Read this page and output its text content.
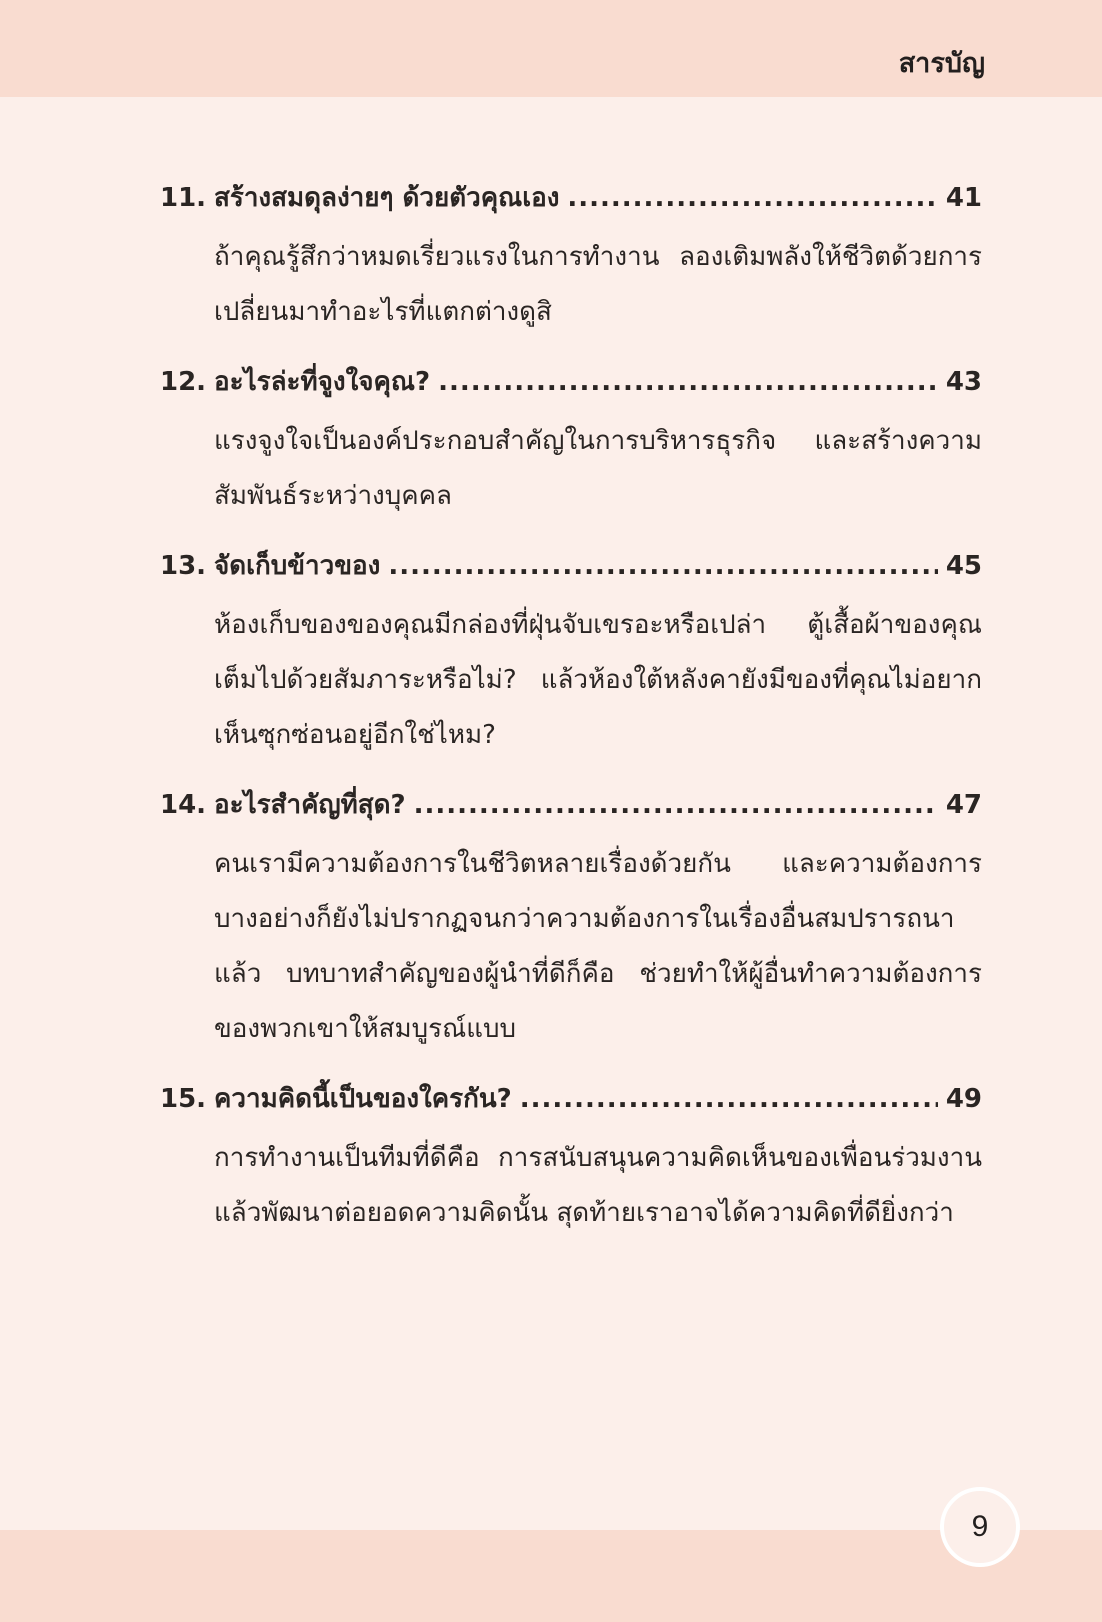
สารบัญ
11. สร้างสมดุลง่ายๆ ด้วยตัวคุณเอง .....	41

ถ้าคุณรู้สึกว่าหมดเรี่ยวแรงในการทำงาน ลองเติมพลังให้ชีวิตด้วยการเปลี่ยนมาทำอะไรที่แตกต่างดูสิ

12. อะไรล่ะที่จูงใจคุณ? .....	43

แรงจูงใจเป็นองค์ประกอบสำคัญในการบริหารธุรกิจ และสร้างความสัมพันธ์ระหว่างบุคคล

13. จัดเก็บข้าวของ .....	45

ห้องเก็บของของคุณมีกล่องที่ฝุ่นจับเขรอะหรือเปล่า ตู้เสื้อผ้าของคุณเต็มไปด้วยสัมภาระหรือไม่? แล้วห้องใต้หลังคายังมีของที่คุณไม่อยากเห็นซุกซ่อนอยู่อีกใช่ไหม?

14. อะไรสำคัญที่สุด? .....	47

คนเรามีความต้องการในชีวิตหลายเรื่องด้วยกัน และความต้องการบางอย่างก็ยังไม่ปรากฏจนกว่าความต้องการในเรื่องอื่นสมปรารถนาแล้ว บทบาทสำคัญของผู้นำที่ดีก็คือ ช่วยทำให้ผู้อื่นทำความต้องการของพวกเขาให้สมบูรณ์แบบ

15. ความคิดนี้เป็นของใครกัน? .....	49

การทำงานเป็นทีมที่ดีคือ การสนับสนุนความคิดเห็นของเพื่อนร่วมงาน แล้วพัฒนาต่อยอดความคิดนั้น สุดท้ายเราอาจได้ความคิดที่ดียิ่งกว่า

9
